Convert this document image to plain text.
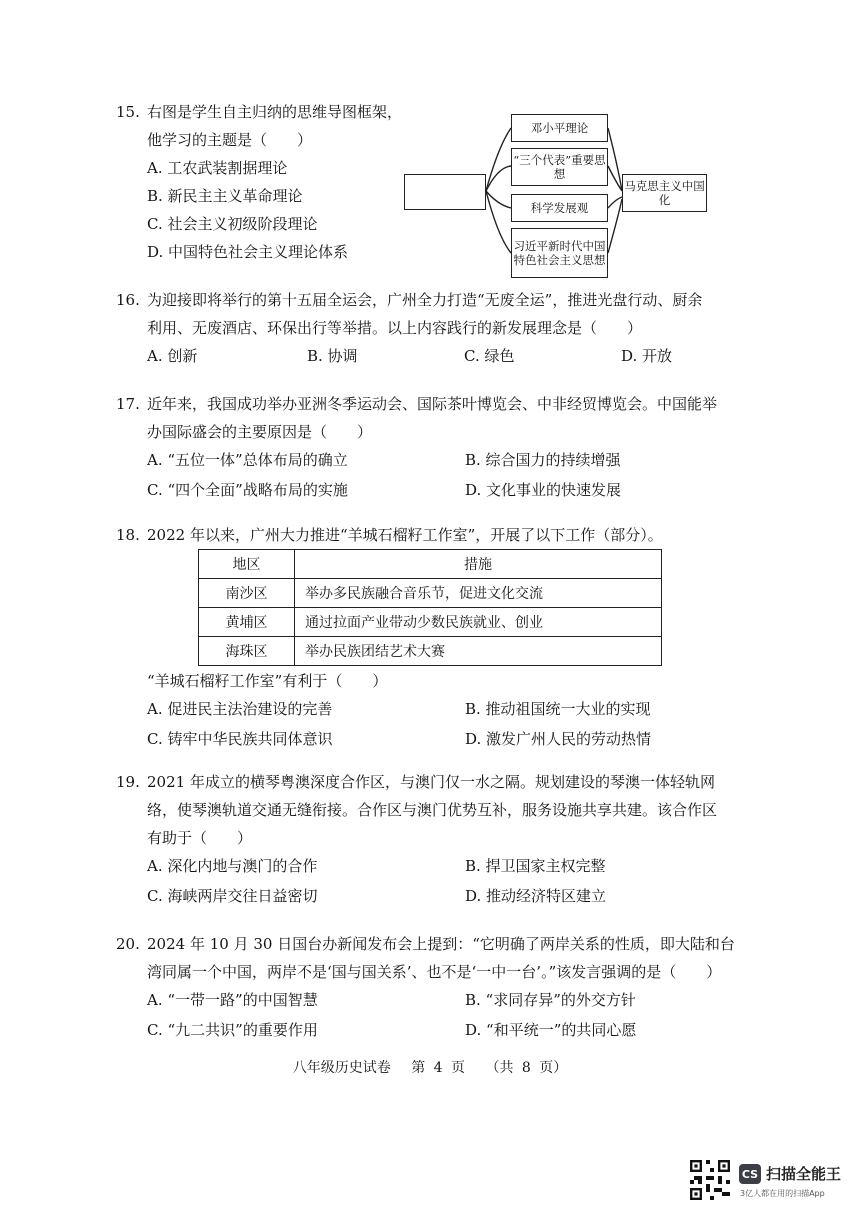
15. 右图是学生自主归纳的思维导图框架，
他学习的主题是（　　）
A. 工农武装割据理论
B. 新民主主义革命理论
C. 社会主义初级阶段理论
D. 中国特色社会主义理论体系
邓小平理论
“三个代表”重要思想
科学发展观
习近平新时代中国特色社会主义思想
马克思主义中国化
16. 为迎接即将举行的第十五届全运会，广州全力打造“无废全运”，推进光盘行动、厨余
利用、无废酒店、环保出行等举措。以上内容践行的新发展理念是（　　）
A. 创新	B. 协调	C. 绿色	D. 开放
17. 近年来，我国成功举办亚洲冬季运动会、国际茶叶博览会、中非经贸博览会。中国能举
办国际盛会的主要原因是（　　）
A. “五位一体”总体布局的确立	B. 综合国力的持续增强
C. “四个全面”战略布局的实施	D. 文化事业的快速发展
18. 2022 年以来，广州大力推进“羊城石榴籽工作室”，开展了以下工作（部分）。
地区	措施
南沙区	举办多民族融合音乐节，促进文化交流
黄埔区	通过拉面产业带动少数民族就业、创业
海珠区	举办民族团结艺术大赛
“羊城石榴籽工作室”有利于（　　）
A. 促进民主法治建设的完善	B. 推动祖国统一大业的实现
C. 铸牢中华民族共同体意识	D. 激发广州人民的劳动热情
19. 2021 年成立的横琴粤澳深度合作区，与澳门仅一水之隔。规划建设的琴澳一体轻轨网
络，使琴澳轨道交通无缝衔接。合作区与澳门优势互补，服务设施共享共建。该合作区
有助于（　　）
A. 深化内地与澳门的合作	B. 捍卫国家主权完整
C. 海峡两岸交往日益密切	D. 推动经济特区建立
20. 2024 年 10 月 30 日国台办新闻发布会上提到：“它明确了两岸关系的性质，即大陆和台
湾同属一个中国，两岸不是‘国与国关系’、也不是‘一中一台’。”该发言强调的是（　　）
A. “一带一路”的中国智慧	B. “求同存异”的外交方针
C. “九二共识”的重要作用	D. “和平统一”的共同心愿
八年级历史试卷 第 4 页 （共 8 页）
CS 扫描全能王
3亿人都在用的扫描App
